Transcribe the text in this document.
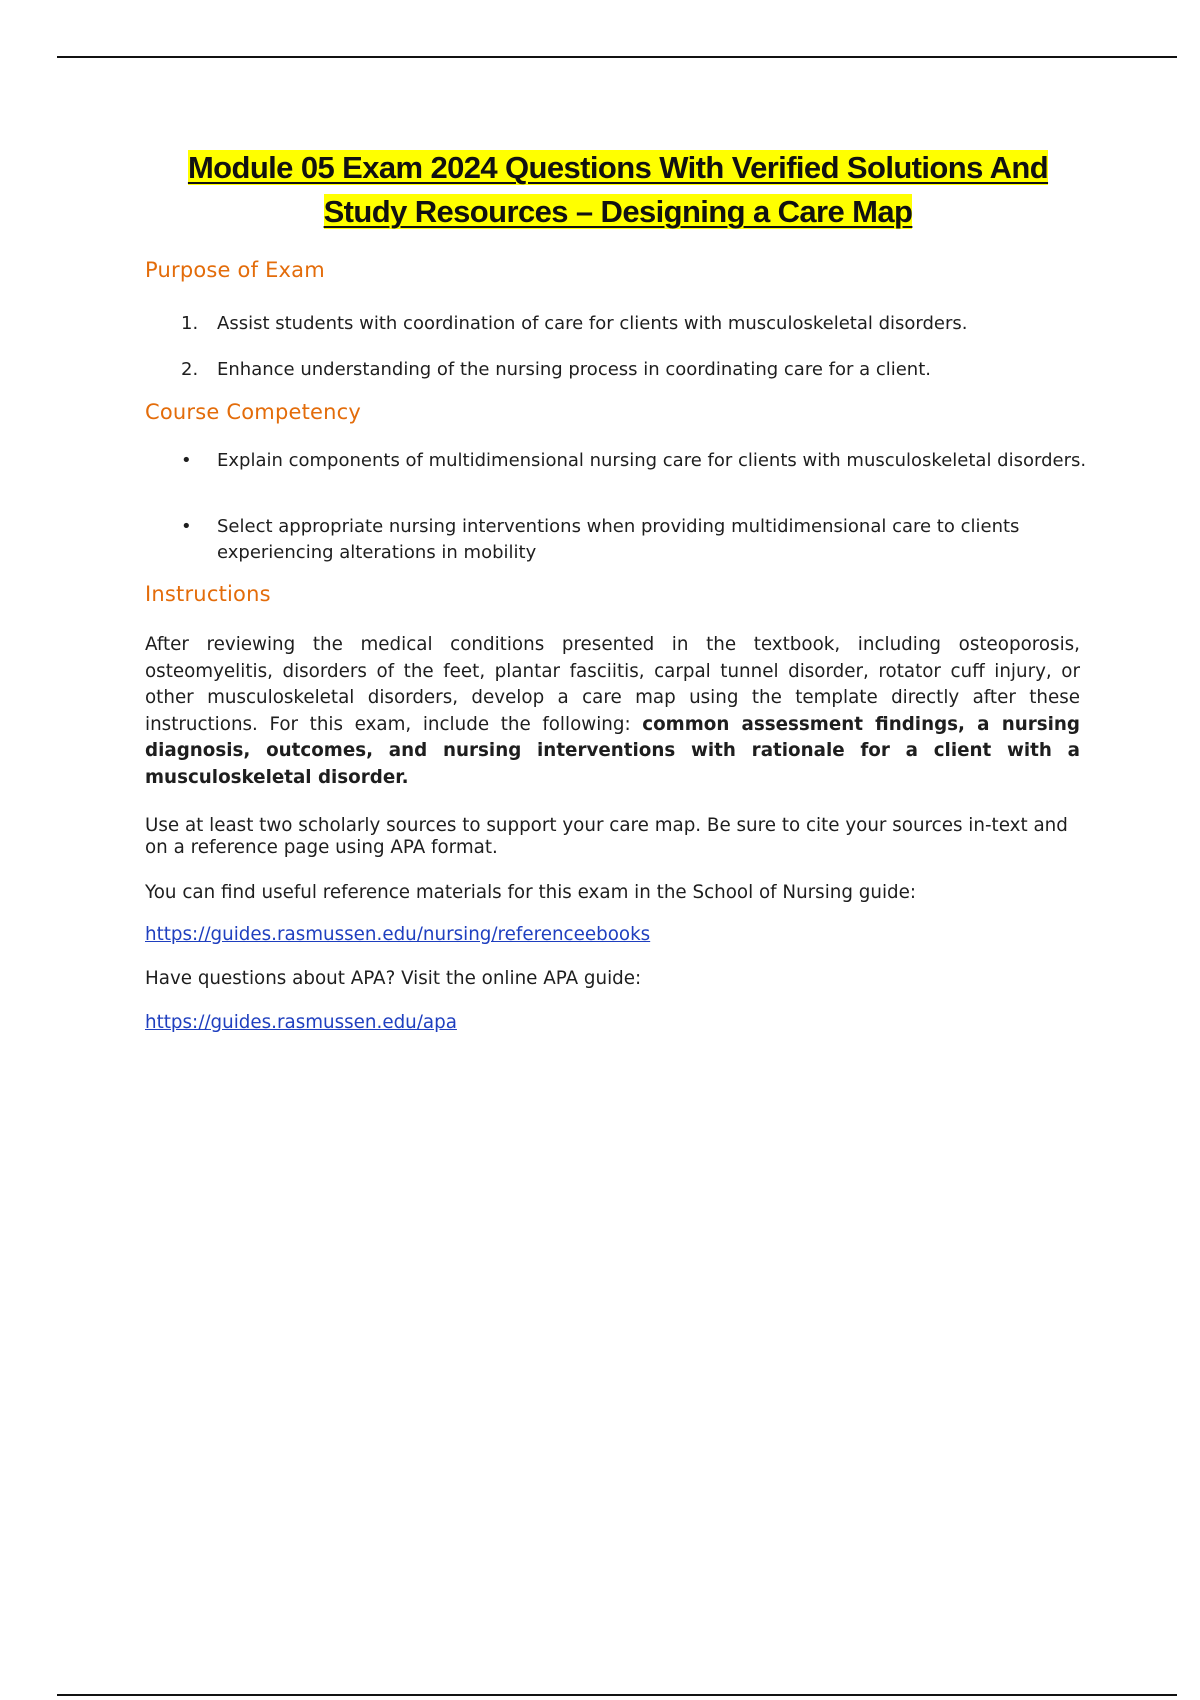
Module 05 Exam 2024 Questions With Verified Solutions And
Study Resources – Designing a Care Map
Purpose of Exam
1. Assist students with coordination of care for clients with musculoskeletal disorders.
2. Enhance understanding of the nursing process in coordinating care for a client.
Course Competency
• Explain components of multidimensional nursing care for clients with musculoskeletal disorders.
• Select appropriate nursing interventions when providing multidimensional care to clients experiencing alterations in mobility
Instructions
After reviewing the medical conditions presented in the textbook, including osteoporosis, osteomyelitis, disorders of the feet, plantar fasciitis, carpal tunnel disorder, rotator cuff injury, or other musculoskeletal disorders, develop a care map using the template directly after these instructions. For this exam, include the following: common assessment findings, a nursing diagnosis, outcomes, and nursing interventions with rationale for a client with a musculoskeletal disorder.
Use at least two scholarly sources to support your care map. Be sure to cite your sources in-text and on a reference page using APA format.
You can find useful reference materials for this exam in the School of Nursing guide:
https://guides.rasmussen.edu/nursing/referenceebooks
Have questions about APA? Visit the online APA guide:
https://guides.rasmussen.edu/apa
